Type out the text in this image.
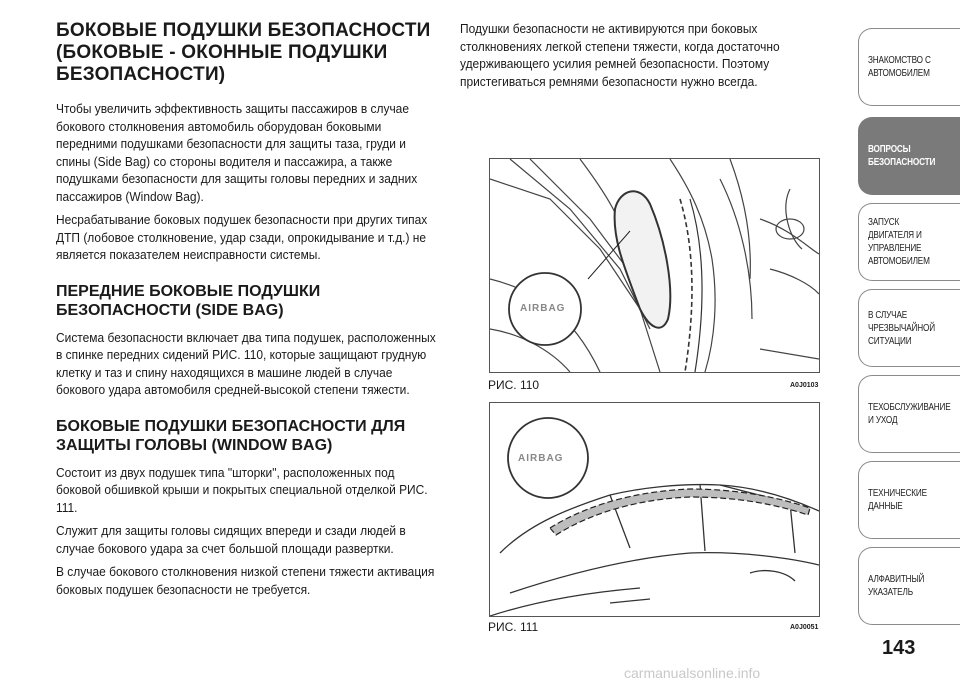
БОКОВЫЕ ПОДУШКИ БЕЗОПАСНОСТИ (БОКОВЫЕ - ОКОННЫЕ ПОДУШКИ БЕЗОПАСНОСТИ)

Чтобы увеличить эффективность защиты пассажиров в случае бокового столкновения автомобиль оборудован боковыми передними подушками безопасности для защиты таза, груди и спины (Side Bag) со стороны водителя и пассажира, а также подушками безопасности для защиты головы передних и задних пассажиров (Window Bag).

Несрабатывание боковых подушек безопасности при других типах ДТП (лобовое столкновение, удар сзади, опрокидывание и т.д.) не является показателем неисправности системы.

ПЕРЕДНИЕ БОКОВЫЕ ПОДУШКИ БЕЗОПАСНОСТИ (SIDE BAG)

Система безопасности включает два типа подушек, расположенных в спинке передних сидений РИС. 110, которые защищают грудную клетку и таз и спину находящихся в машине людей в случае бокового удара автомобиля средней-высокой степени тяжести.

БОКОВЫЕ ПОДУШКИ БЕЗОПАСНОСТИ ДЛЯ ЗАЩИТЫ ГОЛОВЫ (WINDOW BAG)

Состоит из двух подушек типа "шторки", расположенных под боковой обшивкой крыши и покрытых специальной отделкой РИС. 111.

Служит для защиты головы сидящих впереди и сзади людей в случае бокового удара за счет большой площади развертки.

В случае бокового столкновения низкой степени тяжести активация боковых подушек безопасности не требуется.

Подушки безопасности не активируются при боковых столкновениях легкой степени тяжести, когда достаточно удерживающего усилия ремней безопасности. Поэтому пристегиваться ремнями безопасности нужно всегда.

AIRBAG
РИС. 110	A0J0103
AIRBAG
РИС. 111	A0J0051
ЗНАКОМСТВО С АВТОМОБИЛЕМ
ВОПРОСЫ БЕЗОПАСНОСТИ
ЗАПУСК ДВИГАТЕЛЯ И УПРАВЛЕНИЕ АВТОМОБИЛЕМ
В СЛУЧАЕ ЧРЕЗВЫЧАЙНОЙ СИТУАЦИИ
ТЕХОБСЛУЖИВАНИЕ И УХОД
ТЕХНИЧЕСКИЕ ДАННЫЕ
АЛФАВИТНЫЙ УКАЗАТЕЛЬ
143
carmanualsonline.info
